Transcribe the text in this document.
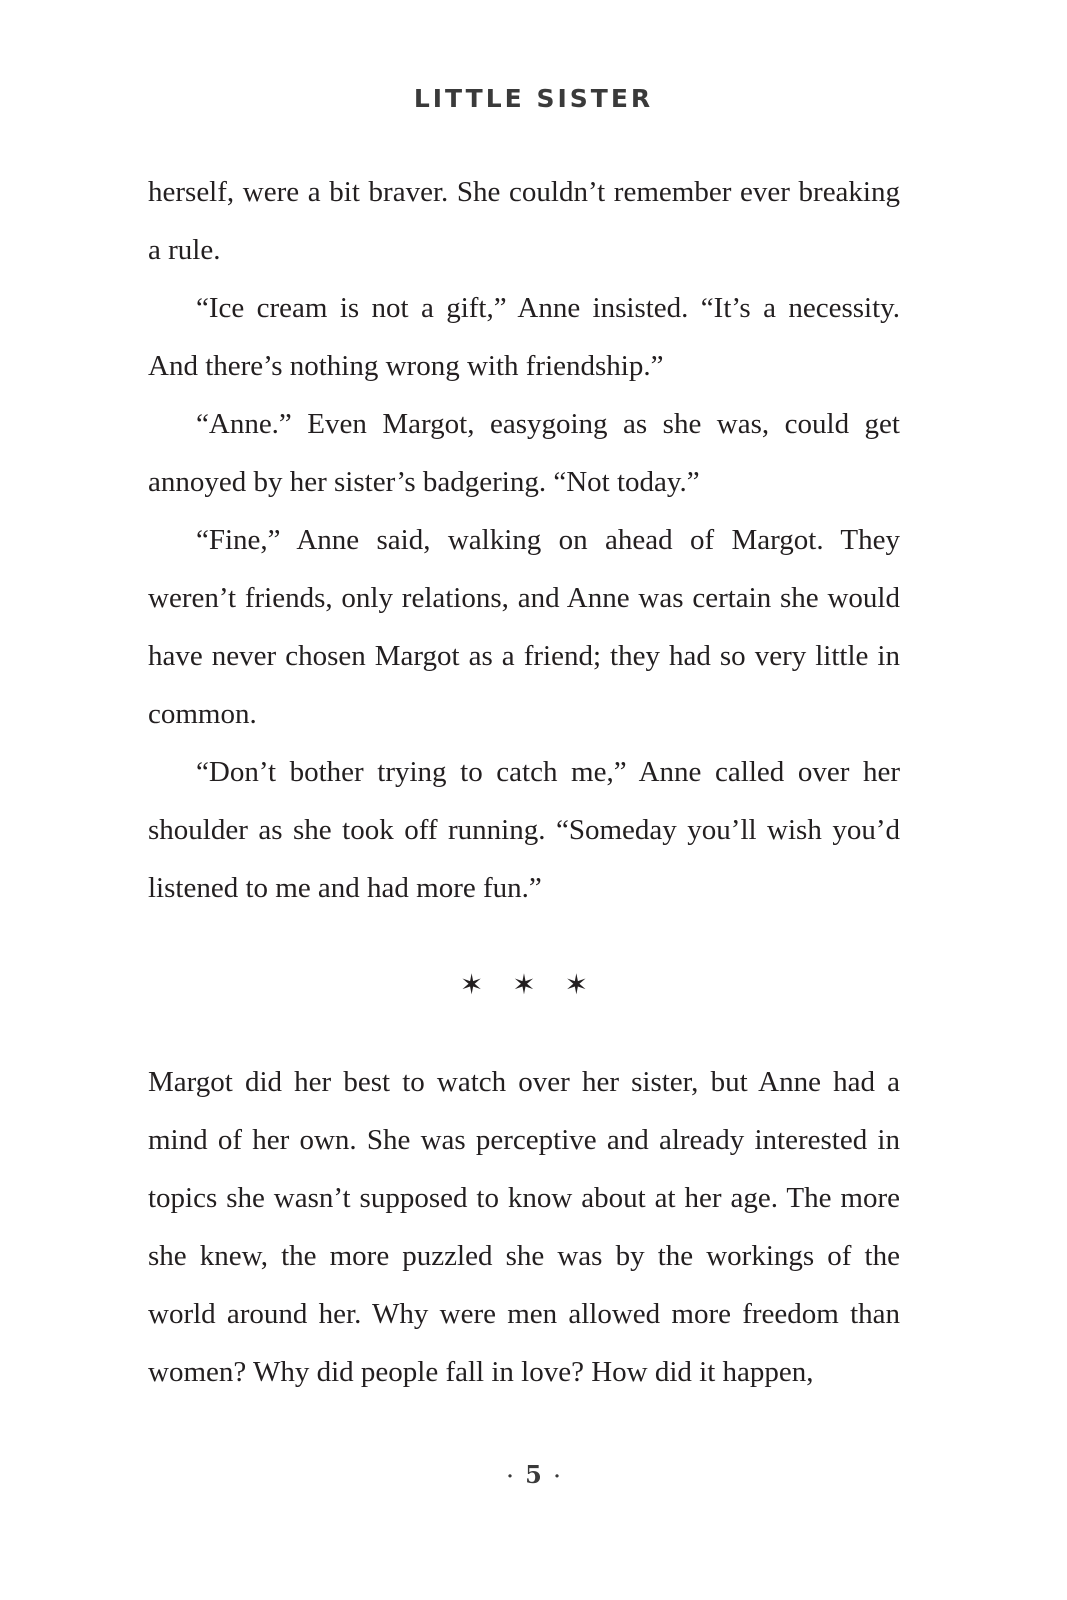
LITTLE SISTER

herself, were a bit braver. She couldn’t remember ever breaking a rule.

“Ice cream is not a gift,” Anne insisted. “It’s a necessity. And there’s nothing wrong with friendship.”

“Anne.” Even Margot, easygoing as she was, could get annoyed by her sister’s badgering. “Not today.”

“Fine,” Anne said, walking on ahead of Margot. They weren’t friends, only relations, and Anne was certain she would have never chosen Margot as a friend; they had so very little in common.

“Don’t bother trying to catch me,” Anne called over her shoulder as she took off running. “Someday you’ll wish you’d listened to me and had more fun.”

✶ ✶ ✶

Margot did her best to watch over her sister, but Anne had a mind of her own. She was perceptive and already interested in topics she wasn’t supposed to know about at her age. The more she knew, the more puzzled she was by the workings of the world around her. Why were men allowed more freedom than women? Why did people fall in love? How did it happen,

· 5 ·
